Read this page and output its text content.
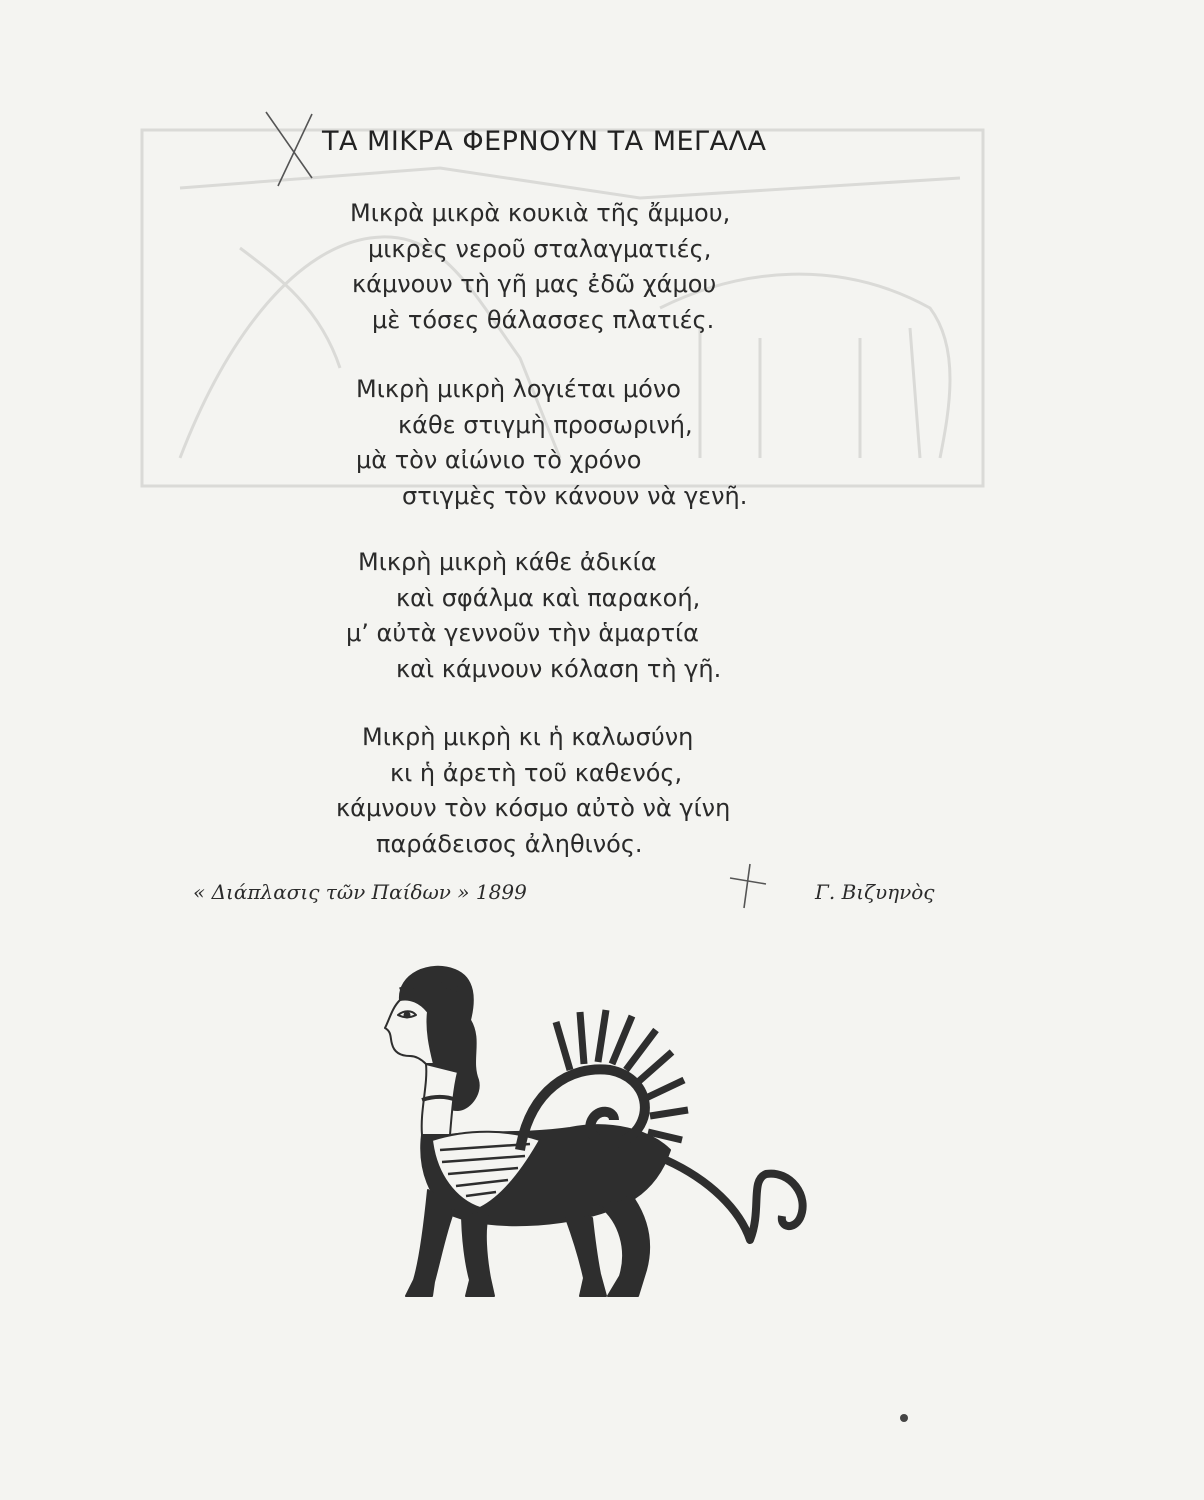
ΤΑ ΜΙΚΡΑ ΦΕΡΝΟΥΝ ΤΑ ΜΕΓΑΛΑ
Μικρὰ μικρὰ κουκιὰ τῆς ἄμμου,
μικρὲς νεροῦ σταλαγματιές,
κάμνουν τὴ γῆ μας ἐδῶ χάμου
μὲ τόσες θάλασσες πλατιές.
Μικρὴ μικρὴ λογιέται μόνο
κάθε στιγμὴ προσωρινή,
μὰ τὸν αἰώνιο τὸ χρόνο
στιγμὲς τὸν κάνουν νὰ γενῆ.
Μικρὴ μικρὴ κάθε ἀδικία
καὶ σφάλμα καὶ παρακοή,
μ’ αὐτὰ γεννοῦν τὴν ἁμαρτία
καὶ κάμνουν κόλαση τὴ γῆ.
Μικρὴ μικρὴ κι ἡ καλωσύνη
κι ἡ ἀρετὴ τοῦ καθενός,
κάμνουν τὸν κόσμο αὐτὸ νὰ γίνη
παράδεισος ἀληθινός.
« Διάπλασις τῶν Παίδων » 1899	Γ. Βιζυηνὸς
